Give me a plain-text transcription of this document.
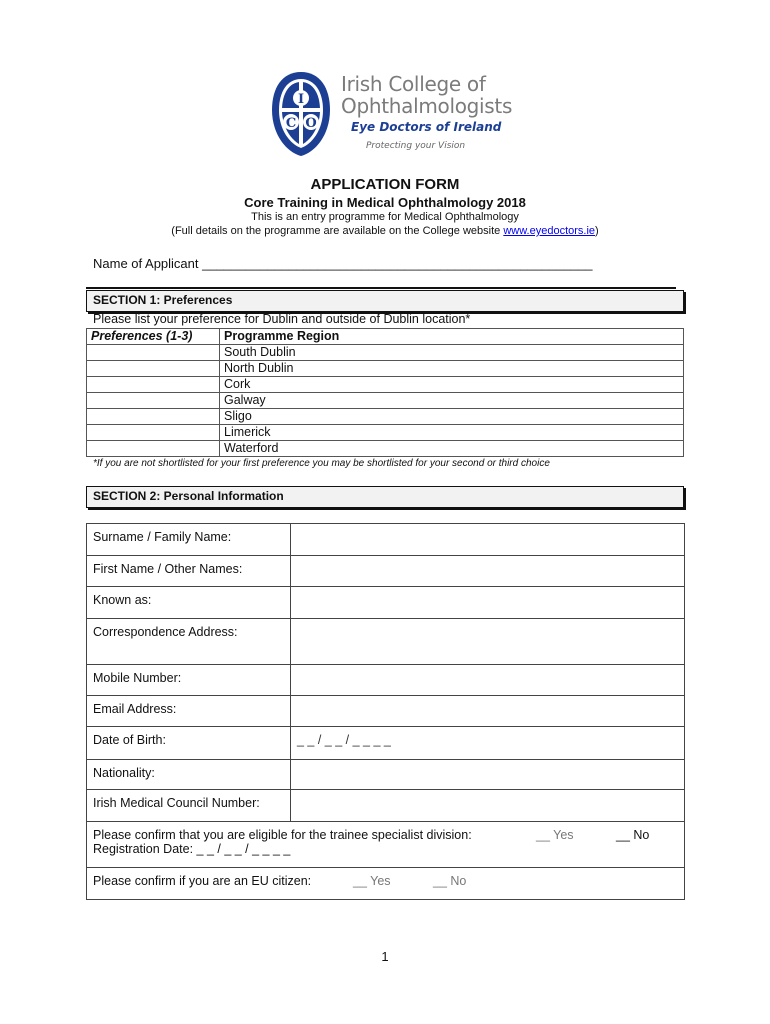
I
C O
Irish College of
Ophthalmologists
Eye Doctors of Ireland
Protecting your Vision
APPLICATION FORM
Core Training in Medical Ophthalmology 2018
This is an entry programme for Medical Ophthalmology
(Full details on the programme are available on the College website www.eyedoctors.ie)
Name of Applicant ______________________________________________________
SECTION 1: Preferences
Please list your preference for Dublin and outside of Dublin location*
Preferences (1-3)	Programme Region
	South Dublin
	North Dublin
	Cork
	Galway
	Sligo
	Limerick
	Waterford
*If you are not shortlisted for your first preference you may be shortlisted for your second or third choice
SECTION 2: Personal Information
Surname / Family Name:	
First Name / Other Names:	
Known as:	
Correspondence Address:	
Mobile Number:	
Email Address:	
Date of Birth:	_ _ / _ _ / _ _ _ _
Nationality:	
Irish Medical Council Number:	
Please confirm that you are eligible for the trainee specialist division: __ Yes __ No
Registration Date: _ _ / _ _ / _ _ _ _	

Please confirm if you are an EU citizen: __ Yes __ No	
1
